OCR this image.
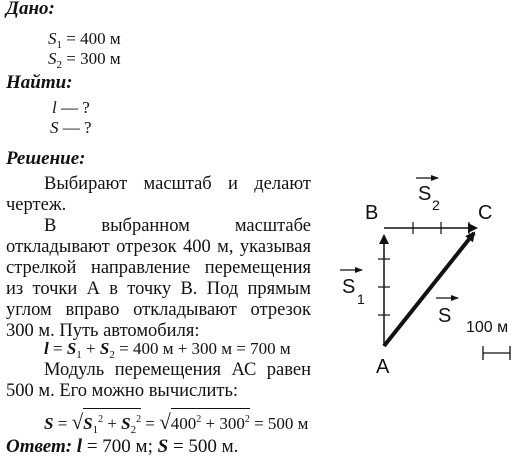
Дано:
$S_1 = 400$ м
$S_2 = 300$ м
Найти:
l — ?
S — ?
Решение:
Выбирают масштаб и делают чертеж.
В выбранном масштабе откладывают отрезок 400 м, указывая стрелкой направление перемещения из точки А в точку В. Под прямым углом вправо откладывают отрезок 300 м. Путь автомобиля:
$l = S_1 + S_2 = 400$ м + 300 м = 700 м
Модуль перемещения АС равен 500 м. Его можно вычислить:
$S = √S_1^2 + S_2^2 = √400^2 + 300^2 = 500$ м
Ответ: l = 700 м; S = 500 м.
B	C
A
S 2
S
1
S
100 м
